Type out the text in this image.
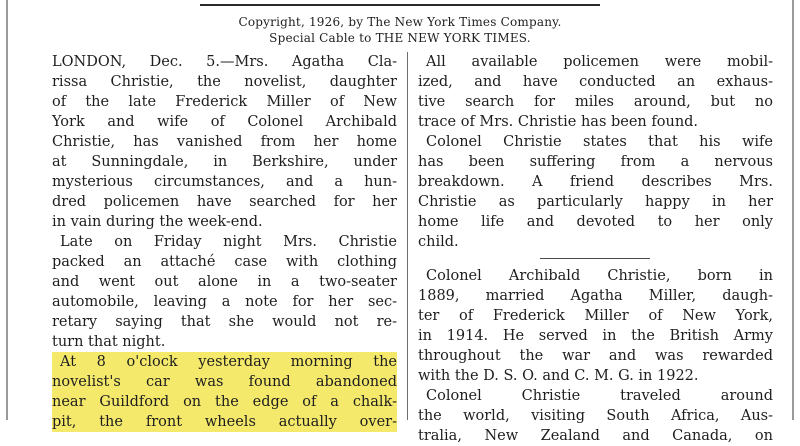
Copyright, 1926, by The New York Times Company.
Special Cable to THE NEW YORK TIMES.
LONDON, Dec. 5.—Mrs. Agatha Cla-
rissa Christie, the novelist, daughter
of the late Frederick Miller of New
York and wife of Colonel Archibald
Christie, has vanished from her home
at Sunningdale, in Berkshire, under
mysterious circumstances, and a hun-
dred policemen have searched for her
in vain during the week-end.
Late on Friday night Mrs. Christie
packed an attaché case with clothing
and went out alone in a two-seater
automobile, leaving a note for her sec-
retary saying that she would not re-
turn that night.
At 8 o'clock yesterday morning the
novelist's car was found abandoned
near Guildford on the edge of a chalk-
pit, the front wheels actually over-
All available policemen were mobil-
ized, and have conducted an exhaus-
tive search for miles around, but no
trace of Mrs. Christie has been found.
Colonel Christie states that his wife
has been suffering from a nervous
breakdown. A friend describes Mrs.
Christie as particularly happy in her
home life and devoted to her only
child.
Colonel Archibald Christie, born in
1889, married Agatha Miller, daugh-
ter of Frederick Miller of New York,
in 1914. He served in the British Army
throughout the war and was rewarded
with the D. S. O. and C. M. G. in 1922.
Colonel Christie traveled around
the world, visiting South Africa, Aus-
tralia, New Zealand and Canada, on
